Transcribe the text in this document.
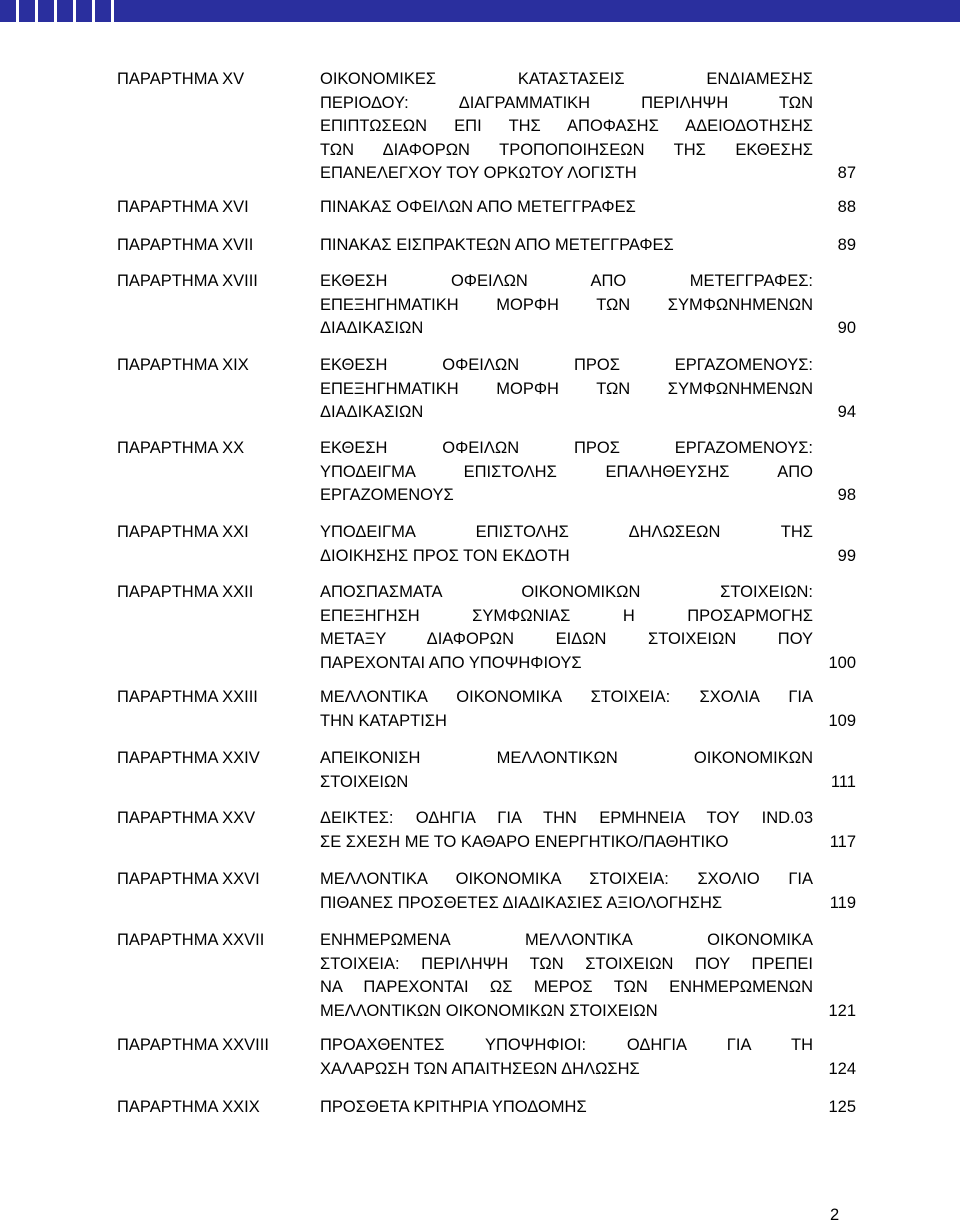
ΠΑΡΑΡΤΗΜΑ XV	ΟΙΚΟΝΟΜΙΚΕΣ ΚΑΤΑΣΤΑΣΕΙΣ ΕΝΔΙΑΜΕΣΗΣ
ΠΕΡΙΟΔΟΥ: ΔΙΑΓΡΑΜΜΑΤΙΚΗ ΠΕΡΙΛΗΨΗ ΤΩΝ
ΕΠΙΠΤΩΣΕΩΝ ΕΠΙ ΤΗΣ ΑΠΟΦΑΣΗΣ ΑΔΕΙΟΔΟΤΗΣΗΣ
ΤΩΝ ΔΙΑΦΟΡΩΝ ΤΡΟΠΟΠΟΙΗΣΕΩΝ ΤΗΣ ΕΚΘΕΣΗΣ
ΕΠΑΝΕΛΕΓΧΟΥ ΤΟΥ ΟΡΚΩΤΟΥ ΛΟΓΙΣΤΗ	87
ΠΑΡΑΡΤΗΜΑ XVI	ΠΙΝΑΚΑΣ ΟΦΕΙΛΩΝ ΑΠΟ ΜΕΤΕΓΓΡΑΦΕΣ	88
ΠΑΡΑΡΤΗΜΑ XVII	ΠΙΝΑΚΑΣ ΕΙΣΠΡΑΚΤΕΩΝ ΑΠΟ ΜΕΤΕΓΓΡΑΦΕΣ	89
ΠΑΡΑΡΤΗΜΑ XVIII	ΕΚΘΕΣΗ ΟΦΕΙΛΩΝ ΑΠΟ ΜΕΤΕΓΓΡΑΦΕΣ:
ΕΠΕΞΗΓΗΜΑΤΙΚΗ ΜΟΡΦΗ ΤΩΝ ΣΥΜΦΩΝΗΜΕΝΩΝ
ΔΙΑΔΙΚΑΣΙΩΝ	90
ΠΑΡΑΡΤΗΜΑ XIX	ΕΚΘΕΣΗ ΟΦΕΙΛΩΝ ΠΡΟΣ ΕΡΓΑΖΟΜΕΝΟΥΣ:
ΕΠΕΞΗΓΗΜΑΤΙΚΗ ΜΟΡΦΗ ΤΩΝ ΣΥΜΦΩΝΗΜΕΝΩΝ
ΔΙΑΔΙΚΑΣΙΩΝ	94
ΠΑΡΑΡΤΗΜΑ XX	ΕΚΘΕΣΗ ΟΦΕΙΛΩΝ ΠΡΟΣ ΕΡΓΑΖΟΜΕΝΟΥΣ:
ΥΠΟΔΕΙΓΜΑ ΕΠΙΣΤΟΛΗΣ ΕΠΑΛΗΘΕΥΣΗΣ ΑΠΟ
ΕΡΓΑΖΟΜΕΝΟΥΣ	98
ΠΑΡΑΡΤΗΜΑ XXI	ΥΠΟΔΕΙΓΜΑ ΕΠΙΣΤΟΛΗΣ ΔΗΛΩΣΕΩΝ ΤΗΣ
ΔΙΟΙΚΗΣΗΣ ΠΡΟΣ ΤΟΝ ΕΚΔΟΤΗ	99
ΠΑΡΑΡΤΗΜΑ XXII	ΑΠΟΣΠΑΣΜΑΤΑ ΟΙΚΟΝΟΜΙΚΩΝ ΣΤΟΙΧΕΙΩΝ:
ΕΠΕΞΗΓΗΣΗ ΣΥΜΦΩΝΙΑΣ Η ΠΡΟΣΑΡΜΟΓΗΣ
ΜΕΤΑΞΥ ΔΙΑΦΟΡΩΝ ΕΙΔΩΝ ΣΤΟΙΧΕΙΩΝ ΠΟΥ
ΠΑΡΕΧΟΝΤΑΙ ΑΠΟ ΥΠΟΨΗΦΙΟΥΣ	100
ΠΑΡΑΡΤΗΜΑ XXIII	ΜΕΛΛΟΝΤΙΚΑ ΟΙΚΟΝΟΜΙΚΑ ΣΤΟΙΧΕΙΑ: ΣΧΟΛΙΑ ΓΙΑ
ΤΗΝ ΚΑΤΑΡΤΙΣΗ	109
ΠΑΡΑΡΤΗΜΑ XXIV	ΑΠΕΙΚΟΝΙΣΗ ΜΕΛΛΟΝΤΙΚΩΝ ΟΙΚΟΝΟΜΙΚΩΝ
ΣΤΟΙΧΕΙΩΝ	111
ΠΑΡΑΡΤΗΜΑ XXV	ΔΕΙΚΤΕΣ: ΟΔΗΓΙΑ ΓΙΑ ΤΗΝ ΕΡΜΗΝΕΙΑ ΤΟΥ IND.03
ΣΕ ΣΧΕΣΗ ΜΕ ΤΟ ΚΑΘΑΡΟ ΕΝΕΡΓΗΤΙΚΟ/ΠΑΘΗΤΙΚΟ	117
ΠΑΡΑΡΤΗΜΑ XXVI	ΜΕΛΛΟΝΤΙΚΑ ΟΙΚΟΝΟΜΙΚΑ ΣΤΟΙΧΕΙΑ: ΣΧΟΛΙΟ ΓΙΑ
ΠΙΘΑΝΕΣ ΠΡΟΣΘΕΤΕΣ ΔΙΑΔΙΚΑΣΙΕΣ ΑΞΙΟΛΟΓΗΣΗΣ	119
ΠΑΡΑΡΤΗΜΑ XXVII	ΕΝΗΜΕΡΩΜΕΝΑ ΜΕΛΛΟΝΤΙΚΑ ΟΙΚΟΝΟΜΙΚΑ
ΣΤΟΙΧΕΙΑ: ΠΕΡΙΛΗΨΗ ΤΩΝ ΣΤΟΙΧΕΙΩΝ ΠΟΥ ΠΡΕΠΕΙ
ΝΑ ΠΑΡΕΧΟΝΤΑΙ ΩΣ ΜΕΡΟΣ ΤΩΝ ΕΝΗΜΕΡΩΜΕΝΩΝ
ΜΕΛΛΟΝΤΙΚΩΝ ΟΙΚΟΝΟΜΙΚΩΝ ΣΤΟΙΧΕΙΩΝ	121
ΠΑΡΑΡΤΗΜΑ XXVIII	ΠΡΟΑΧΘΕΝΤΕΣ ΥΠΟΨΗΦΙΟΙ: ΟΔΗΓΙΑ ΓΙΑ ΤΗ
ΧΑΛΑΡΩΣΗ ΤΩΝ ΑΠΑΙΤΗΣΕΩΝ ΔΗΛΩΣΗΣ	124
ΠΑΡΑΡΤΗΜΑ XXIX	ΠΡΟΣΘΕΤΑ ΚΡΙΤΗΡΙΑ ΥΠΟΔΟΜΗΣ	125
2
